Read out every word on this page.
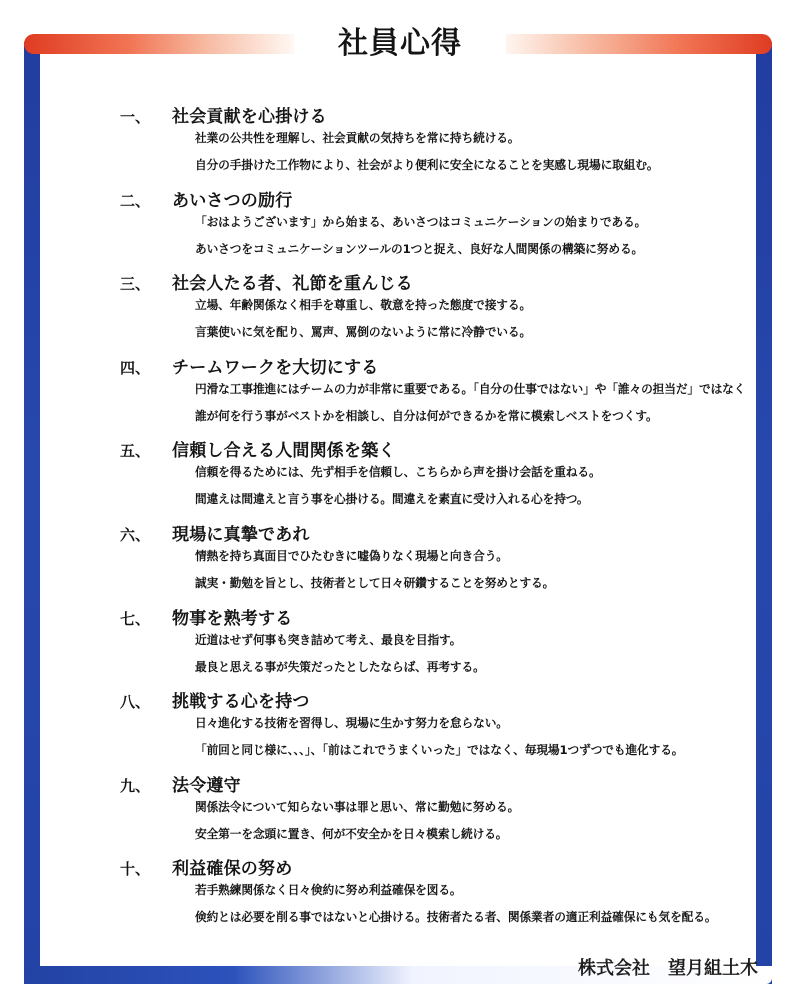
社員心得
一、	社会貢献を心掛ける

社業の公共性を理解し、社会貢献の気持ちを常に持ち続ける。

自分の手掛けた工作物により、社会がより便利に安全になることを実感し現場に取組む。

二、	あいさつの励行

「おはようございます」から始まる、あいさつはコミュニケーションの始まりである。

あいさつをコミュニケーションツールの1つと捉え、良好な人間関係の構築に努める。

三、	社会人たる者、礼節を重んじる

立場、年齢関係なく相手を尊重し、敬意を持った態度で接する。

言葉使いに気を配り、罵声、罵倒のないように常に冷静でいる。

四、	チームワークを大切にする

円滑な工事推進にはチームの力が非常に重要である。「自分の仕事ではない」や「誰々の担当だ」ではなく

誰が何を行う事がベストかを相談し、自分は何ができるかを常に模索しベストをつくす。

五、	信頼し合える人間関係を築く

信頼を得るためには、先ず相手を信頼し、こちらから声を掛け会話を重ねる。

間違えは間違えと言う事を心掛ける。間違えを素直に受け入れる心を持つ。

六、	現場に真摯であれ

情熱を持ち真面目でひたむきに嘘偽りなく現場と向き合う。

誠実・勤勉を旨とし、技術者として日々研鑽することを努めとする。

七、	物事を熟考する

近道はせず何事も突き詰めて考え、最良を目指す。

最良と思える事が失策だったとしたならば、再考する。

八、	挑戦する心を持つ

日々進化する技術を習得し、現場に生かす努力を怠らない。

「前回と同じ様に、、、」、「前はこれでうまくいった」ではなく、毎現場1つずつでも進化する。

九、	法令遵守

関係法令について知らない事は罪と思い、常に勤勉に努める。

安全第一を念頭に置き、何が不安全かを日々模索し続ける。

十、	利益確保の努め

若手熟練関係なく日々倹約に努め利益確保を図る。

倹約とは必要を削る事ではないと心掛ける。技術者たる者、関係業者の適正利益確保にも気を配る。

株式会社　望月組土木
